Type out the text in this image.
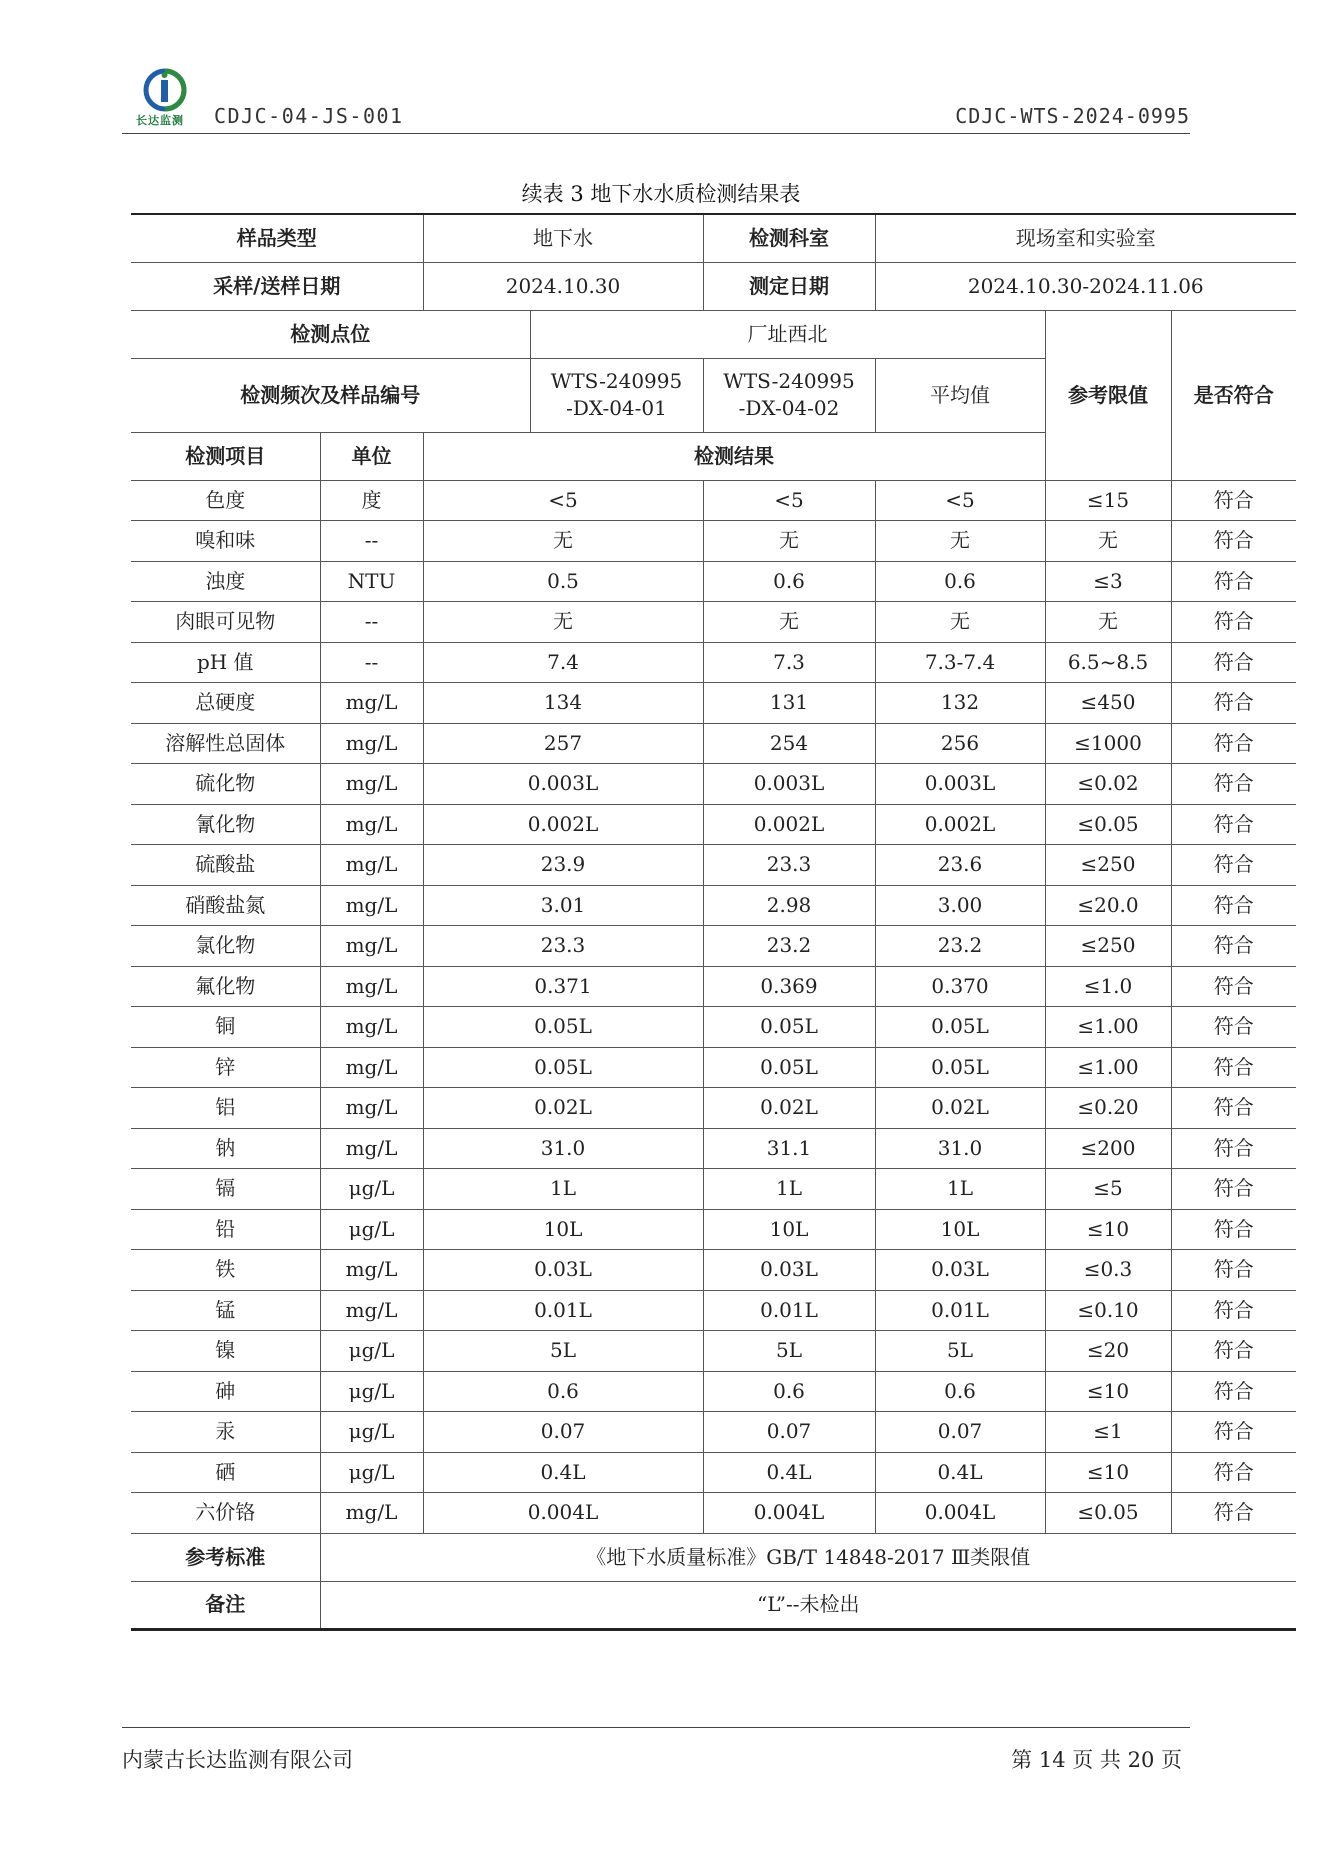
长达监测 CDJC-04-JS-001	CDJC-WTS-2024-0995
续表 3 地下水水质检测结果表
样品类型		地下水		检测科室	现场室和实验室		
采样/送样日期		2024.10.30		测定日期	2024.10.30-2024.11.06		
检测点位			厂址西北			参考限值	是否符合
检测频次及样品编号			WTS-240995-DX-04-01	WTS-240995-DX-04-02	平均值		
检测项目	单位	检测结果					
色度	度	<5		<5	<5	≤15	符合
嗅和味	--	无		无	无	无	符合
浊度	NTU	0.5		0.6	0.6	≤3	符合
肉眼可见物	--	无		无	无	无	符合
pH 值	--	7.4		7.3	7.3-7.4	6.5~8.5	符合
总硬度	mg/L	134		131	132	≤450	符合
溶解性总固体	mg/L	257		254	256	≤1000	符合
硫化物	mg/L	0.003L		0.003L	0.003L	≤0.02	符合
氰化物	mg/L	0.002L		0.002L	0.002L	≤0.05	符合
硫酸盐	mg/L	23.9		23.3	23.6	≤250	符合
硝酸盐氮	mg/L	3.01		2.98	3.00	≤20.0	符合
氯化物	mg/L	23.3		23.2	23.2	≤250	符合
氟化物	mg/L	0.371		0.369	0.370	≤1.0	符合
铜	mg/L	0.05L		0.05L	0.05L	≤1.00	符合
锌	mg/L	0.05L		0.05L	0.05L	≤1.00	符合
铝	mg/L	0.02L		0.02L	0.02L	≤0.20	符合
钠	mg/L	31.0		31.1	31.0	≤200	符合
镉	μg/L	1L		1L	1L	≤5	符合
铅	μg/L	10L		10L	10L	≤10	符合
铁	mg/L	0.03L		0.03L	0.03L	≤0.3	符合
锰	mg/L	0.01L		0.01L	0.01L	≤0.10	符合
镍	μg/L	5L		5L	5L	≤20	符合
砷	μg/L	0.6		0.6	0.6	≤10	符合
汞	μg/L	0.07		0.07	0.07	≤1	符合
硒	μg/L	0.4L		0.4L	0.4L	≤10	符合
六价铬	mg/L	0.004L		0.004L	0.004L	≤0.05	符合
参考标准	《地下水质量标准》GB/T 14848-2017 Ⅲ类限值						
备注	“L”--未检出						
内蒙古长达监测有限公司	第 14 页 共 20 页
